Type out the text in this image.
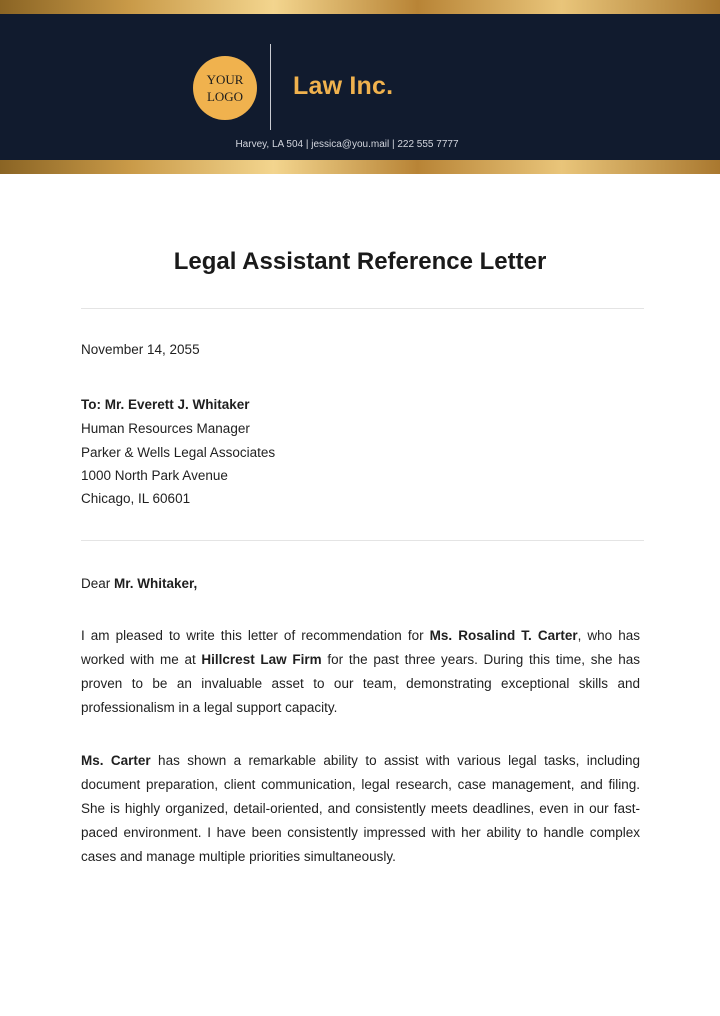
YOUR
LOGO Law Inc.
Harvey, LA 504 | jessica@you.mail | 222 555 7777
Legal Assistant Reference Letter
November 14, 2055
To: Mr. Everett J. Whitaker
Human Resources Manager
Parker & Wells Legal Associates
1000 North Park Avenue
Chicago, IL 60601
Dear Mr. Whitaker,
I am pleased to write this letter of recommendation for Ms. Rosalind T. Carter, who has worked with me at Hillcrest Law Firm for the past three years. During this time, she has proven to be an invaluable asset to our team, demonstrating exceptional skills and professionalism in a legal support capacity.
Ms. Carter has shown a remarkable ability to assist with various legal tasks, including document preparation, client communication, legal research, case management, and filing. She is highly organized, detail-oriented, and consistently meets deadlines, even in our fast-paced environment. I have been consistently impressed with her ability to handle complex cases and manage multiple priorities simultaneously.
